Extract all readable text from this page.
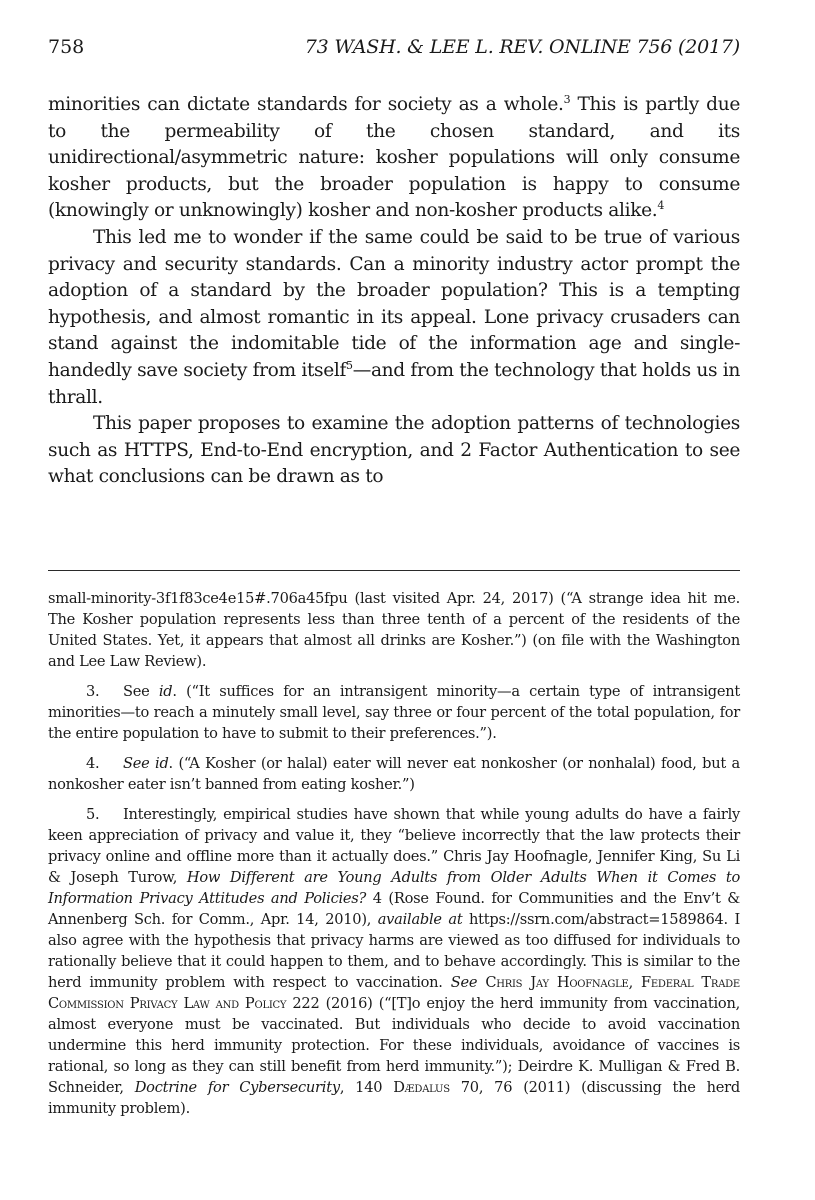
758	73 WASH. & LEE L. REV. ONLINE 756 (2017)

minorities can dictate standards for society as a whole.$^3$ This is partly due to the permeability of the chosen standard, and its unidirectional/asymmetric nature: kosher populations will only consume kosher products, but the broader population is happy to consume (knowingly or unknowingly) kosher and non-kosher products alike.$^4$

This led me to wonder if the same could be said to be true of various privacy and security standards. Can a minority industry actor prompt the adoption of a standard by the broader population? This is a tempting hypothesis, and almost romantic in its appeal. Lone privacy crusaders can stand against the indomitable tide of the information age and single-handedly save society from itself$^5$—and from the technology that holds us in thrall.

This paper proposes to examine the adoption patterns of technologies such as HTTPS, End-to-End encryption, and 2 Factor Authentication to see what conclusions can be drawn as to

small-minority-3f1f83ce4e15#.706a45fpu (last visited Apr. 24, 2017) (“A strange idea hit me. The Kosher population represents less than three tenth of a percent of the residents of the United States. Yet, it appears that almost all drinks are Kosher.”) (on file with the Washington and Lee Law Review).

3. See id. (“It suffices for an intransigent minority—a certain type of intransigent minorities—to reach a minutely small level, say three or four percent of the total population, for the entire population to have to submit to their preferences.”).

4. See id. (“A Kosher (or halal) eater will never eat nonkosher (or nonhalal) food, but a nonkosher eater isn’t banned from eating kosher.”)

5. Interestingly, empirical studies have shown that while young adults do have a fairly keen appreciation of privacy and value it, they “believe incorrectly that the law protects their privacy online and offline more than it actually does.” Chris Jay Hoofnagle, Jennifer King, Su Li & Joseph Turow, How Different are Young Adults from Older Adults When it Comes to Information Privacy Attitudes and Policies? 4 (Rose Found. for Communities and the Env’t & Annenberg Sch. for Comm., Apr. 14, 2010), available at https://ssrn.com/abstract=1589864. I also agree with the hypothesis that privacy harms are viewed as too diffused for individuals to rationally believe that it could happen to them, and to behave accordingly. This is similar to the herd immunity problem with respect to vaccination. See Chris Jay Hoofnagle, Federal Trade Commission Privacy Law and Policy 222 (2016) (“[T]o enjoy the herd immunity from vaccination, almost everyone must be vaccinated. But individuals who decide to avoid vaccination undermine this herd immunity protection. For these individuals, avoidance of vaccines is rational, so long as they can still benefit from herd immunity.”); Deirdre K. Mulligan & Fred B. Schneider, Doctrine for Cybersecurity, 140 Dædalus 70, 76 (2011) (discussing the herd immunity problem).
